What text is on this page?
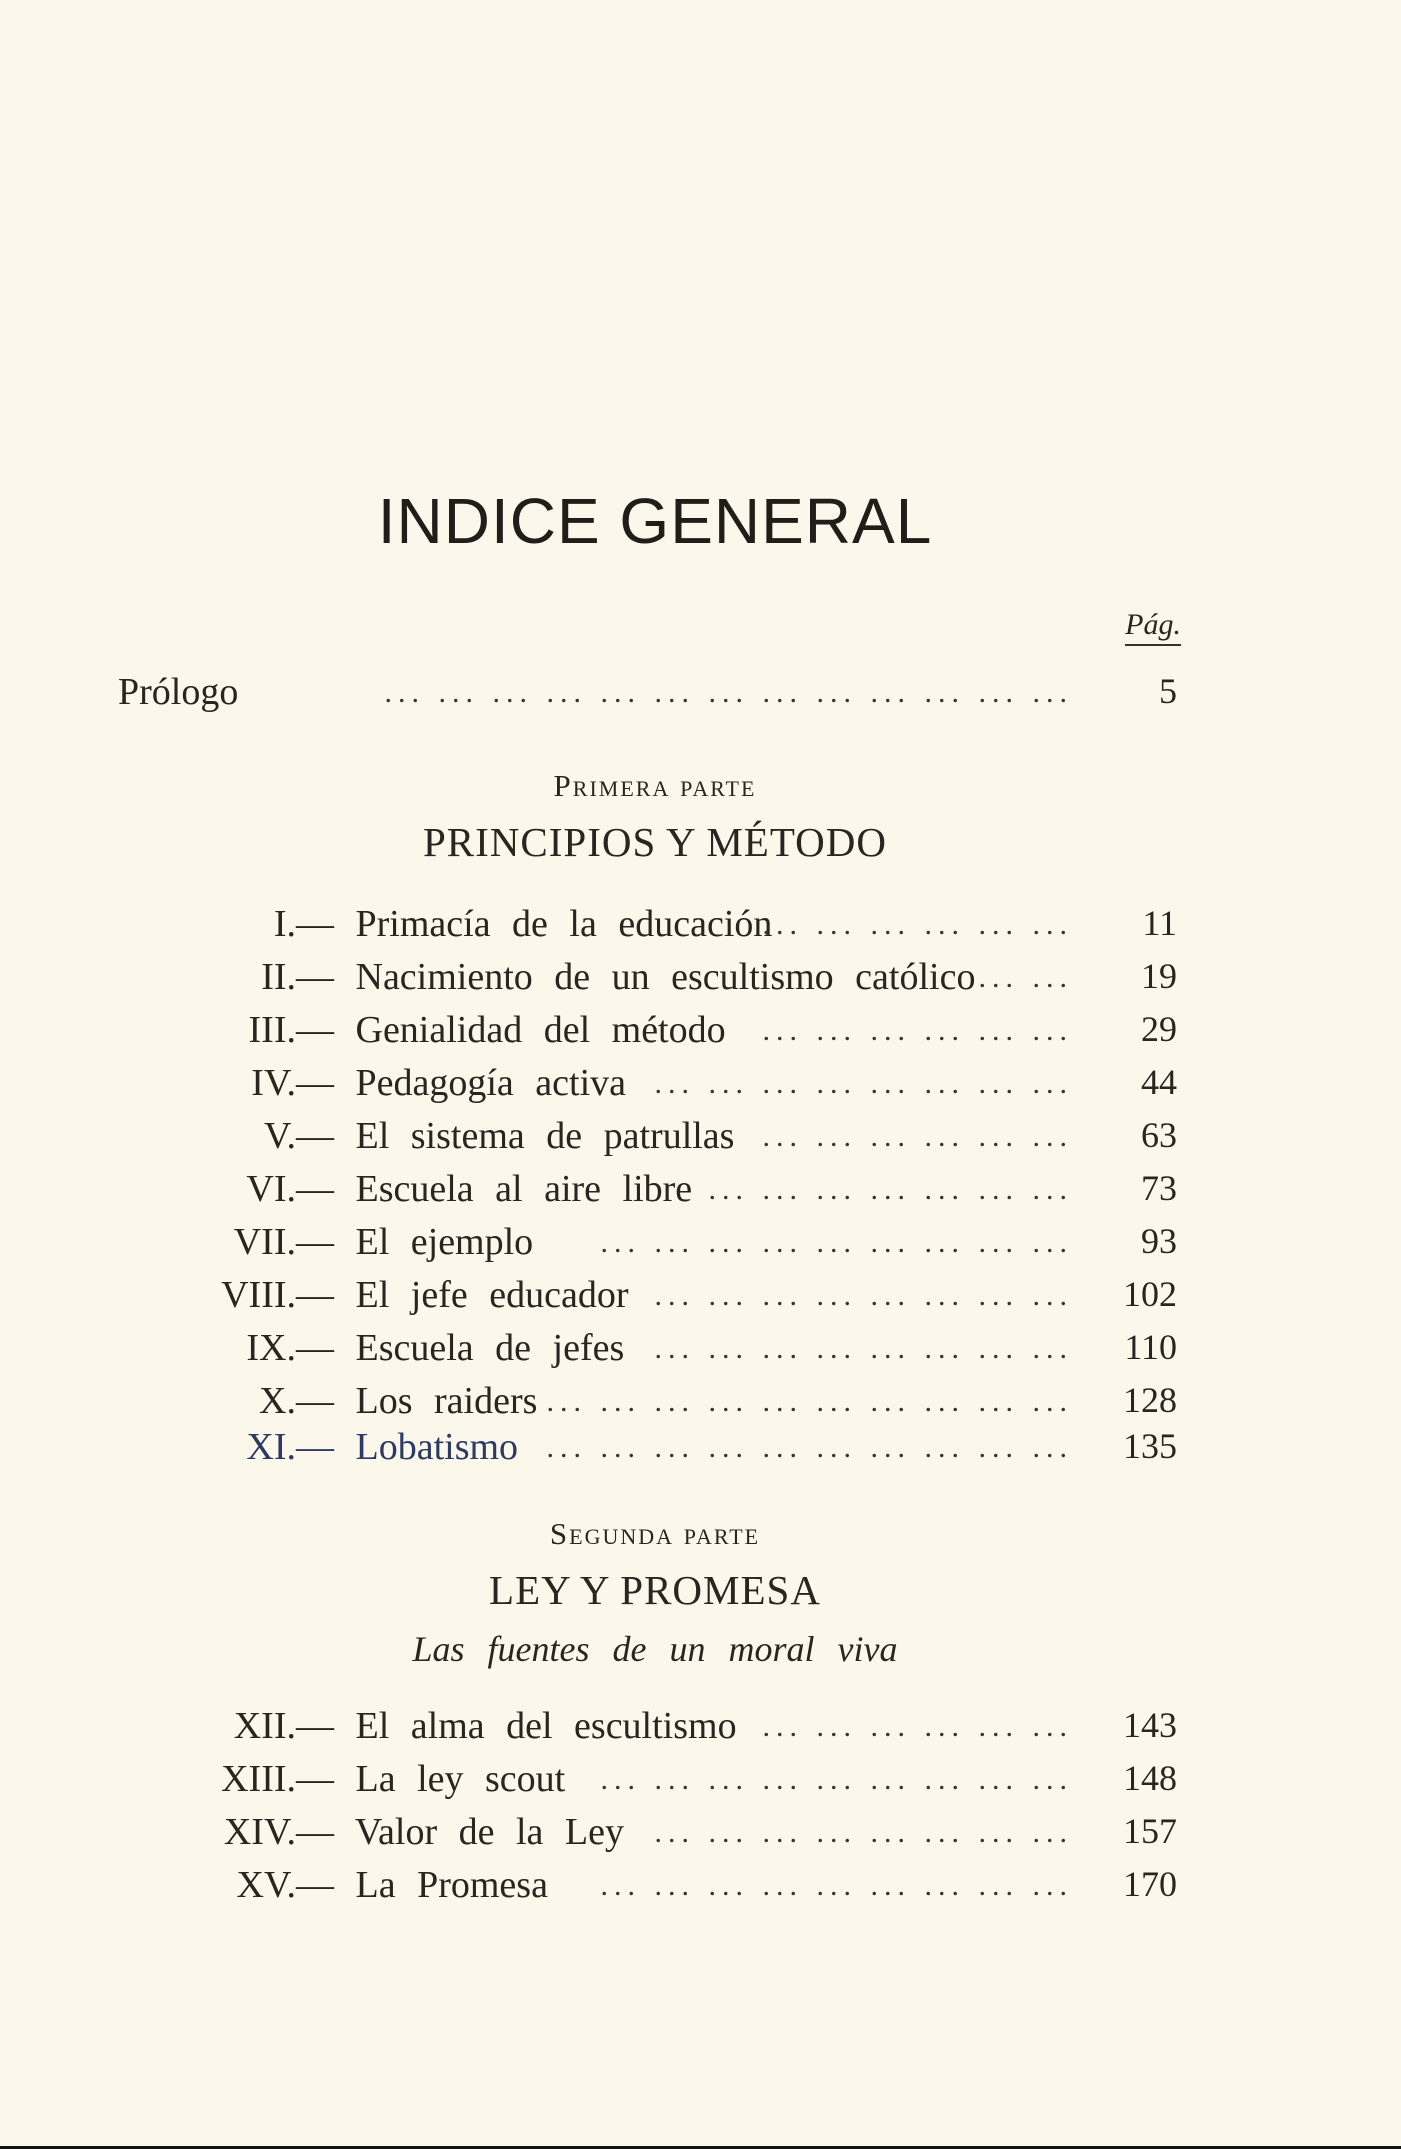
INDICE GENERAL
Pág.
Prólogo	... ... ... ... ... ... ... ... ... ... ... ... ... 5
Primera parte
PRINCIPIOS Y MÉTODO
I. — Primacía de la educación
... ... ... ... ... ... 11
II. — Nacimiento de un escultismo católico ... ... 19
III. — Genialidad del método ... ... ... ... ... ... 29
IV. — Pedagogía activa ... ... ... ... ... ... ... ... 44
V. — El sistema de patrullas ... ... ... ... ... ... 63
VI. — Escuela al aire libre ... ... ... ... ... ... ... 73
VII. — El ejemplo ... ... ... ... ... ... ... ... ... 93
VIII. — El jefe educador ... ... ... ... ... ... ... ... 102
IX. — Escuela de jefes ... ... ... ... ... ... ... ... 110
X. — Los raiders ... ... ... ... ... ... ... ... ... ... 128
XI. — Lobatismo ... ... ... ... ... ... ... ... ... ... 135
Segunda parte
LEY Y PROMESA
Las fuentes de un moral viva
XII. — El alma del escultismo ... ... ... ... ... ... 143
XIII. — La ley scout ... ... ... ... ... ... ... ... ... 148
XIV. — Valor de la Ley ... ... ... ... ... ... ... ... 157
XV. — La Promesa ... ... ... ... ... ... ... ... ... 170
